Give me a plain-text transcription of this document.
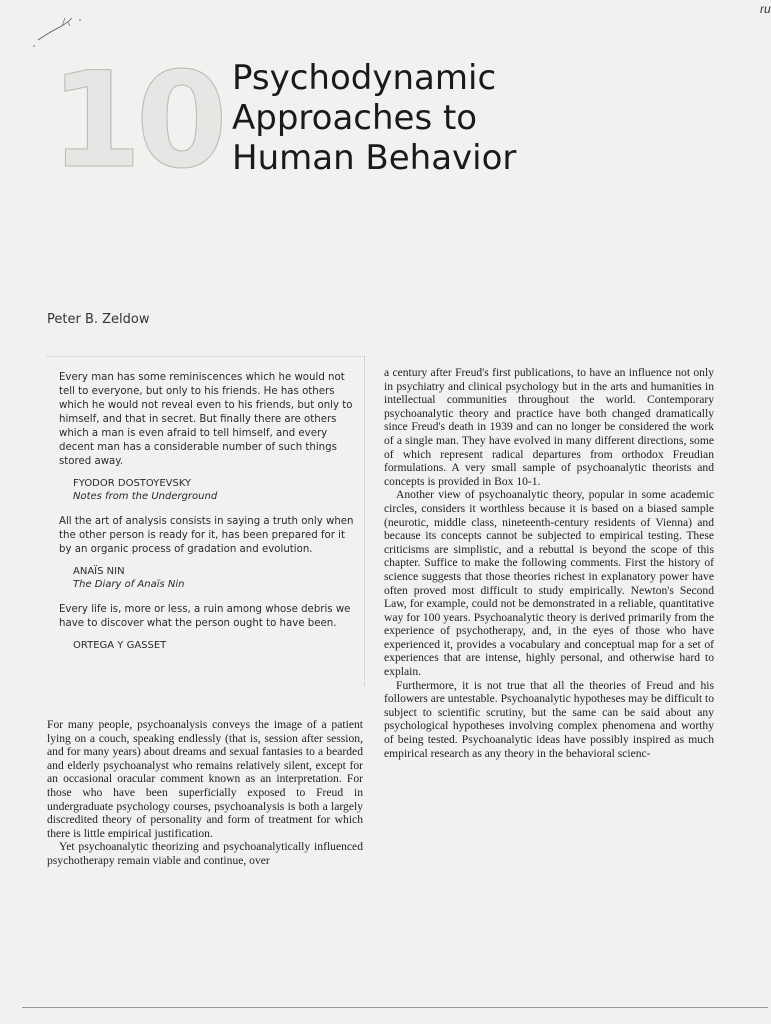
ru
10 Psychodynamic
Approaches to
Human Behavior
Peter B. Zeldow

Every man has some reminiscences which he would not tell to everyone, but only to his friends. He has others which he would not reveal even to his friends, but only to himself, and that in secret. But finally there are others which a man is even afraid to tell himself, and every decent man has a considerable number of such things stored away.

FYODOR DOSTOYEVSKY
Notes from the Underground

All the art of analysis consists in saying a truth only when the other person is ready for it, has been prepared for it by an organic process of gradation and evolution.

ANAÏS NIN
The Diary of Anaïs Nin

Every life is, more or less, a ruin among whose debris we have to discover what the person ought to have been.

ORTEGA Y GASSET

For many people, psychoanalysis conveys the image of a patient lying on a couch, speaking endlessly (that is, session after session, and for many years) about dreams and sexual fantasies to a bearded and elderly psychoanalyst who remains relatively silent, except for an occasional oracular comment known as an interpretation. For those who have been superficially exposed to Freud in undergraduate psychology courses, psychoanalysis is both a largely discredited theory of personality and form of treatment for which there is little empirical justification.

Yet psychoanalytic theorizing and psychoanalytically influenced psychotherapy remain viable and continue, over

a century after Freud's first publications, to have an influence not only in psychiatry and clinical psychology but in the arts and humanities in intellectual communities throughout the world. Contemporary psychoanalytic theory and practice have both changed dramatically since Freud's death in 1939 and can no longer be considered the work of a single man. They have evolved in many different directions, some of which represent radical departures from orthodox Freudian formulations. A very small sample of psychoanalytic theorists and concepts is provided in Box 10-1.

Another view of psychoanalytic theory, popular in some academic circles, considers it worthless because it is based on a biased sample (neurotic, middle class, nineteenth-century residents of Vienna) and because its concepts cannot be subjected to empirical testing. These criticisms are simplistic, and a rebuttal is beyond the scope of this chapter. Suffice to make the following comments. First the history of science suggests that those theories richest in explanatory power have often proved most difficult to study empirically. Newton's Second Law, for example, could not be demonstrated in a reliable, quantitative way for 100 years. Psychoanalytic theory is derived primarily from the experience of psychotherapy, and, in the eyes of those who have experienced it, provides a vocabulary and conceptual map for a set of experiences that are intense, highly personal, and otherwise hard to explain.

Furthermore, it is not true that all the theories of Freud and his followers are untestable. Psychoanalytic hypotheses may be difficult to subject to scientific scrutiny, but the same can be said about any psychological hypotheses involving complex phenomena and worthy of being tested. Psychoanalytic ideas have possibly inspired as much empirical research as any theory in the behavioral scienc-
